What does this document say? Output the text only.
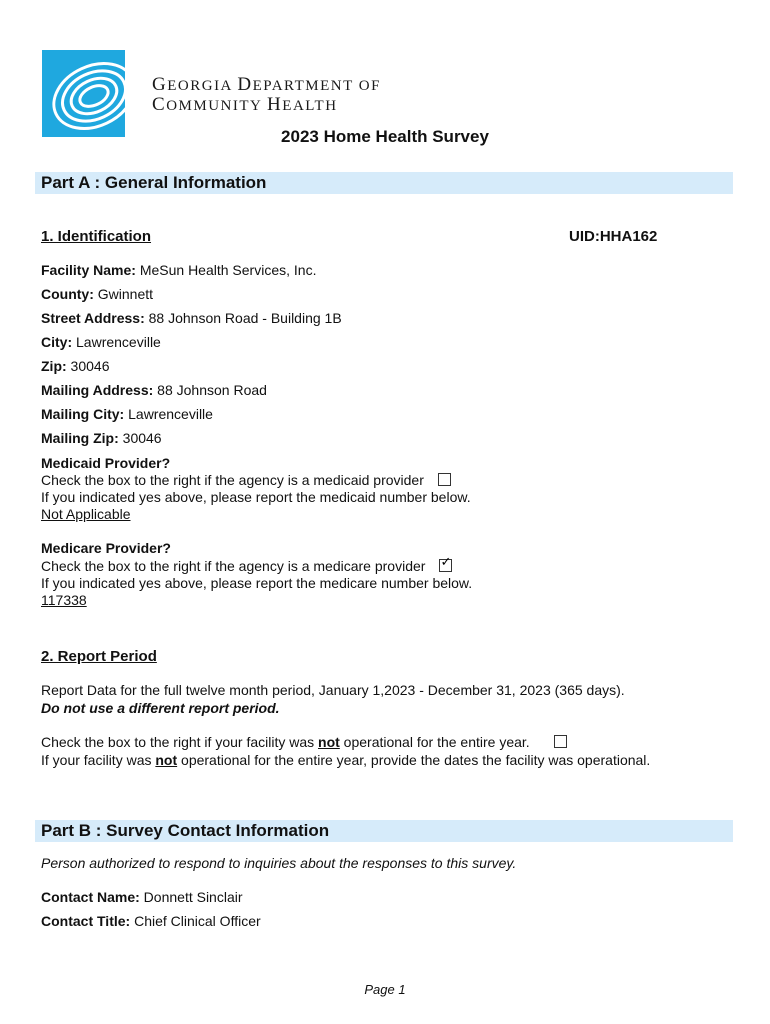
GEORGIA DEPARTMENT OF
COMMUNITY HEALTH
2023 Home Health Survey
Part A : General Information
1. Identification	UID:HHA162
Facility Name: MeSun Health Services, Inc.
County: Gwinnett
Street Address: 88 Johnson Road - Building 1B
City: Lawrenceville
Zip: 30046
Mailing Address: 88 Johnson Road
Mailing City: Lawrenceville
Mailing Zip: 30046
Medicaid Provider?
Check the box to the right if the agency is a medicaid provider
If you indicated yes above, please report the medicaid number below.
Not Applicable
Medicare Provider?
Check the box to the right if the agency is a medicare provider✓
If you indicated yes above, please report the medicare number below.
117338
2. Report Period
Report Data for the full twelve month period, January 1,2023 - December 31, 2023 (365 days).
Do not use a different report period.
Check the box to the right if your facility was not operational for the entire year.
If your facility was not operational for the entire year, provide the dates the facility was operational.
Part B : Survey Contact Information
Person authorized to respond to inquiries about the responses to this survey.
Contact Name: Donnett Sinclair
Contact Title: Chief Clinical Officer
Page 1
